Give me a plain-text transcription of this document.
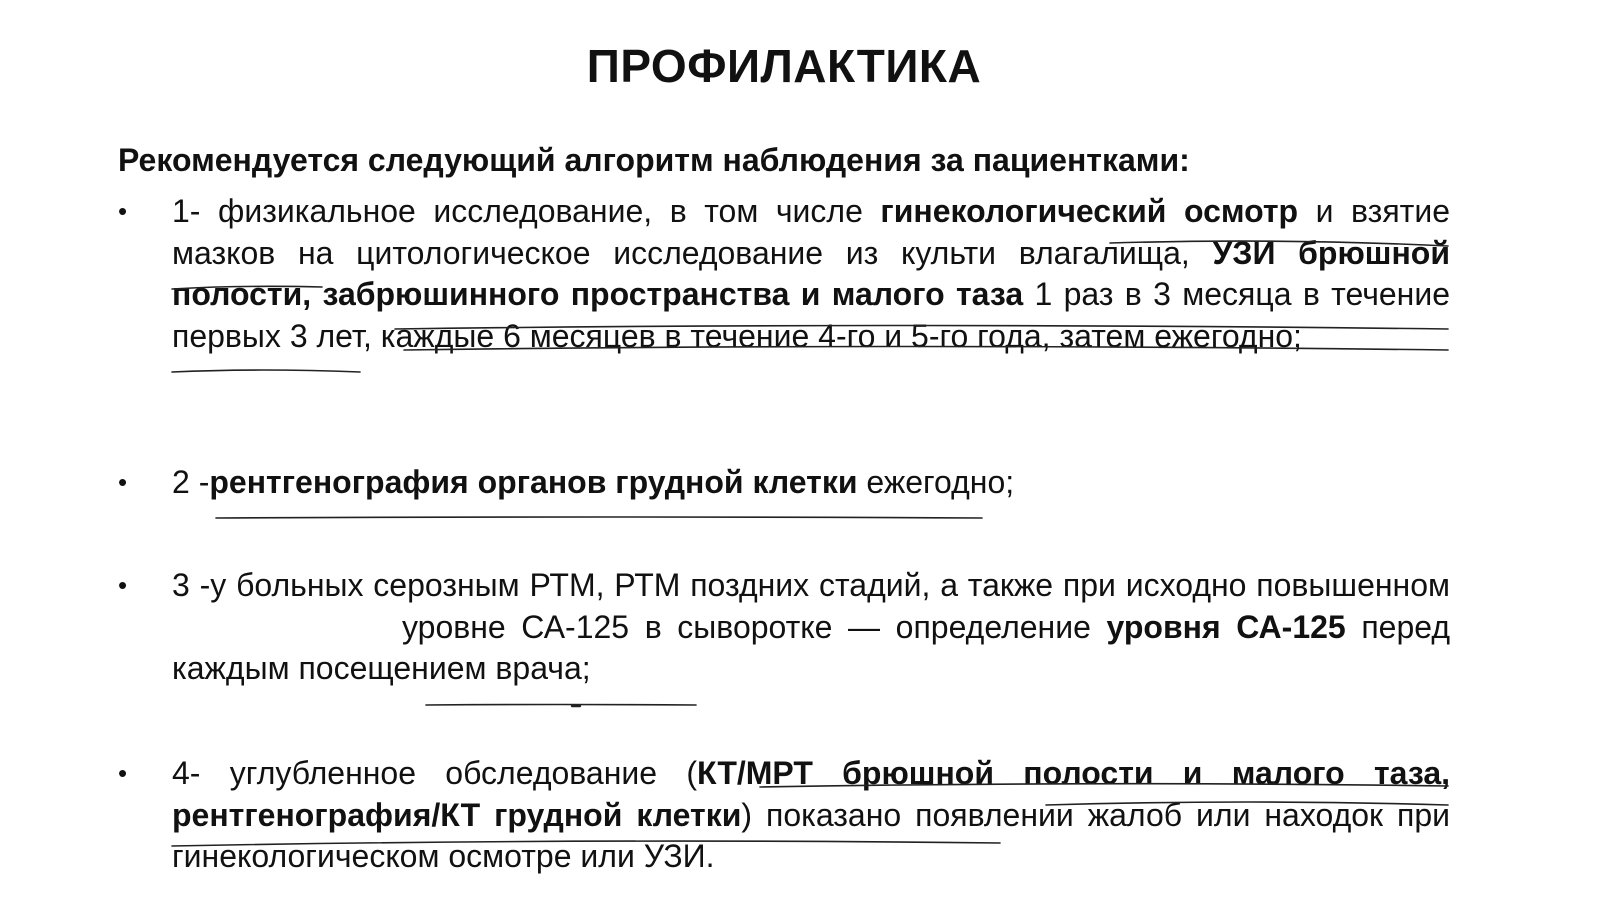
ПРОФИЛАКТИКА
Рекомендуется следующий алгоритм наблюдения за пациентками:
•	1- физикальное исследование, в том числе гинекологический осмотр и взятие мазков на цитологическое исследование из культи влагалища, УЗИ брюшной полости, забрюшинного пространства и малого таза 1 раз в 3 месяца в течение первых 3 лет, каждые 6 месяцев в течение 4-го и 5-го года, затем ежегодно;
•	2 -рентгенография органов грудной клетки ежегодно;
•	3 -у больных серозным РТМ, РТМ поздних стадий, а также при исходно повышенномуровне СА-125 в сыворотке — определение уровня СА-125 перед каждым посещением врача;
•	4- углубленное обследование (КТ/МРТ брюшной полости и малого таза, рентгенография/КТ грудной клетки) показано появлении жалоб или находок при гинекологическом осмотре или УЗИ.
